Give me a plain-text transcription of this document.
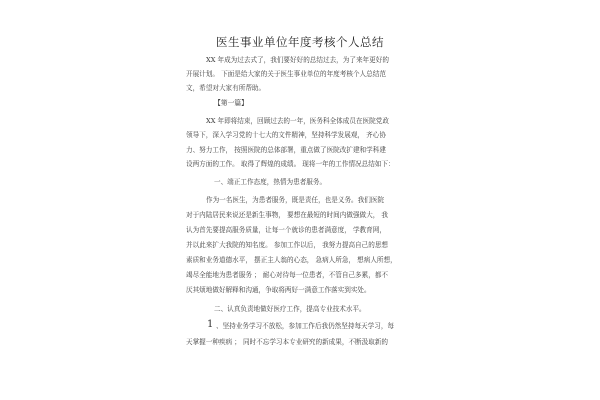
医生事业单位年度考核个人总结
XX 年成为过去式了，我们要好好的总结过去，为了来年更好的
开展计划。 下面是给大家的关于医生事业单位的年度考核个人总结范
文，希望对大家有所帮助。
【第一篇】
XX 年即将结束，回顾过去的一年，医务科全体成员在医院党政
领导下，深入学习党的十七大的文件精神，坚持科学发展观， 齐心协
力、努力工作， 按照医院的总体部署，重点做了医院改扩建和学科建
设两方面的工作。 取得了辉煌的成绩。 现将一年的工作情况总结如下：
一、端正工作态度，热情为患者服务。
作为一名医生，为患者服务，既是责任，也是义务。我们医院
对于内陆居民来说还是新生事物， 要想在最短的时间内做强做大， 我
认为首先要提高服务质量，让每一个就诊的患者满意度， 学教育网，
并以此来扩大我院的知名度。 参加工作以后， 我努力提高自己的思想
素质和业务道德水平， 摆正主人翁的心态， 急病人所急， 想病人所想，
竭尽全能地为患者服务 ； 耐心对待每一位患者，不管自己多累，都不
厌其烦地做好解释和沟通，争取将两好一满意工作落实到实处。
二、认真负责地做好医疗工作，提高专业技术水平。
1 、坚持业务学习不放松，参加工作后我仍然坚持每天学习，每
天掌握一种疾病 ； 同时不忘学习本专业研究的新成果，不断汲取新的
